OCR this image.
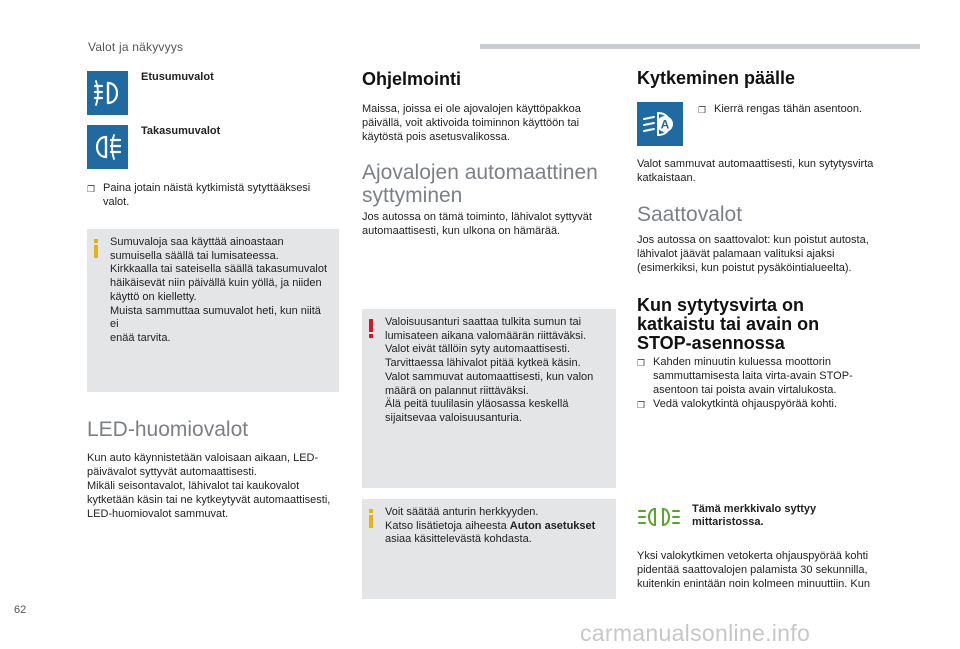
Valot ja näkyvyys
Etusumuvalot
Takasumuvalot
❐ Paina jotain näistä kytkimistä sytyttääksesi
valot.
Sumuvaloja saa käyttää ainoastaan
sumuisella säällä tai lumisateessa.
Kirkkaalla tai sateisella säällä takasumuvalot
häikäisevät niin päivällä kuin yöllä, ja niiden
käyttö on kielletty.
Muista sammuttaa sumuvalot heti, kun niitä ei
enää tarvita.
LED-huomiovalot
Kun auto käynnistetään valoisaan aikaan, LED-
päivävalot syttyvät automaattisesti.
Mikäli seisontavalot, lähivalot tai kaukovalot
kytketään käsin tai ne kytkeytyvät automaattisesti,
LED-huomiovalot sammuvat.
Ohjelmointi
Maissa, joissa ei ole ajovalojen käyttöpakkoa
päivällä, voit aktivoida toiminnon käyttöön tai
käytöstä pois asetusvalikossa.
Ajovalojen automaattinen
syttyminen
Jos autossa on tämä toiminto, lähivalot syttyvät
automaattisesti, kun ulkona on hämärää.
Valoisuusanturi saattaa tulkita sumun tai
lumisateen aikana valomäärän riittäväksi.
Valot eivät tällöin syty automaattisesti.
Tarvittaessa lähivalot pitää kytkeä käsin.
Valot sammuvat automaattisesti, kun valon
määrä on palannut riittäväksi.
Älä peitä tuulilasin yläosassa keskellä
sijaitsevaa valoisuusanturia.
Voit säätää anturin herkkyyden.
Katso lisätietoja aiheesta Auton asetukset
asiaa käsittelevästä kohdasta.
Kytkeminen päälle
A
❐ Kierrä rengas tähän asentoon.
Valot sammuvat automaattisesti, kun sytytysvirta
katkaistaan.
Saattovalot
Jos autossa on saattovalot: kun poistut autosta,
lähivalot jäävät palamaan valituksi ajaksi
(esimerkiksi, kun poistut pysäköintialueelta).
Kun sytytysvirta on
katkaistu tai avain on
STOP-asennossa
❐ Kahden minuutin kuluessa moottorin
sammuttamisesta laita virta-avain STOP-
asentoon tai poista avain virtalukosta.
❐ Vedä valokytkintä ohjauspyörää kohti.
Tämä merkkivalo syttyy
mittaristossa.
Yksi valokytkimen vetokerta ohjauspyörää kohti
pidentää saattovalojen palamista 30 sekunnilla,
kuitenkin enintään noin kolmeen minuuttiin. Kun
62
carmanualsonline.info
